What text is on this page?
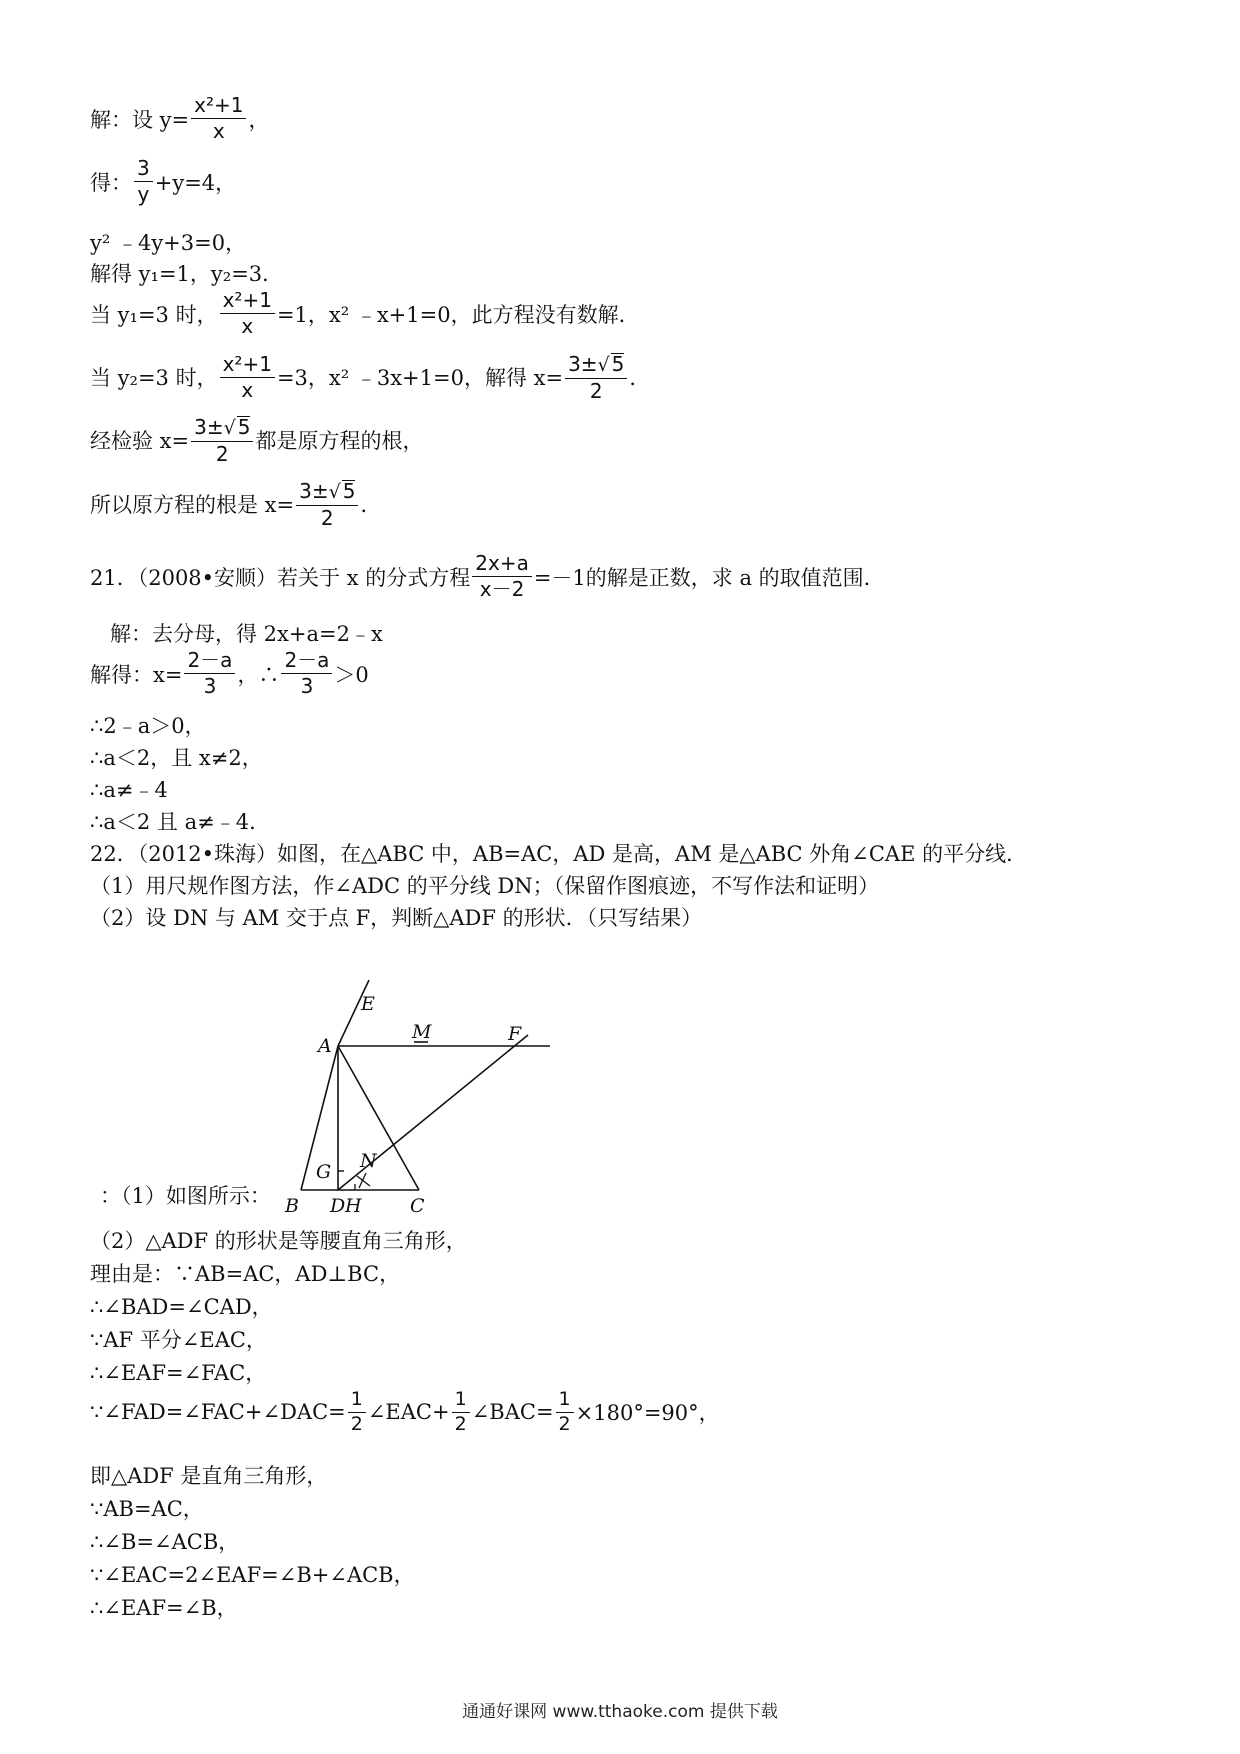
解：设 $y= \frac{\text{x²+1}}{x}$ ，
得： $\frac{3}{y} +y=4$，
y² ﹣4y+3=0，
解得 y₁=1，y₂=3．
当 y₁=3 时， $\frac{\text{x²+1}}{x} =1$，x² ﹣x+1=0，此方程没有数解．
当 y₂=3 时， $\frac{\text{x²+1}}{x} =3$，x² ﹣3x+1=0，解得 $x= \frac{3\pm√ 5}{2}$ ．
经检验 $x= \frac{3\pm√ 5}{2}$ 都是原方程的根，
所以原方程的根是 $x= \frac{3\pm√ 5}{2}$ ．
21．（2008•安顺）若关于 x 的分式方程 $\frac{2x+a}{x-2} =-1$的解是正数，求 a 的取值范围．
解：去分母，得 2x+a=2﹣x
解得：$x= \frac{2-a}{3}$ ，∴ $\frac{2-a}{3} >0$
∴2﹣a＞0，
∴a＜2，且 x≠2，
∴a≠﹣4
∴a＜2 且 a≠﹣4．
22．（2012•珠海）如图，在△ABC 中，AB=AC，AD 是高，AM 是△ABC 外角∠CAE 的平分线．
（1）用尺规作图方法，作∠ADC 的平分线 DN；（保留作图痕迹，不写作法和证明）
（2）设 DN 与 AM 交于点 F，判断△ADF 的形状．（只写结果）
：（1）如图所示：
（2）△ADF 的形状是等腰直角三角形，
理由是：∵AB=AC，AD⊥BC，
∴∠BAD=∠CAD，
∵AF 平分∠EAC，
∴∠EAF=∠FAC，
∵∠FAD=∠FAC+∠DAC= $\frac{1}{2}$ ∠EAC+ $\frac{1}{2}$ ∠BAC= $\frac{1}{2} \times 180^\circ=90^\circ$，
即△ADF 是直角三角形，
∵AB=AC，
∴∠B=∠ACB，
∵∠EAC=2∠EAF=∠B+∠ACB，
∴∠EAF=∠B，
E
A
M	F
G N
B D H	C
通通好课网 www.tthaoke.com 提供下载
